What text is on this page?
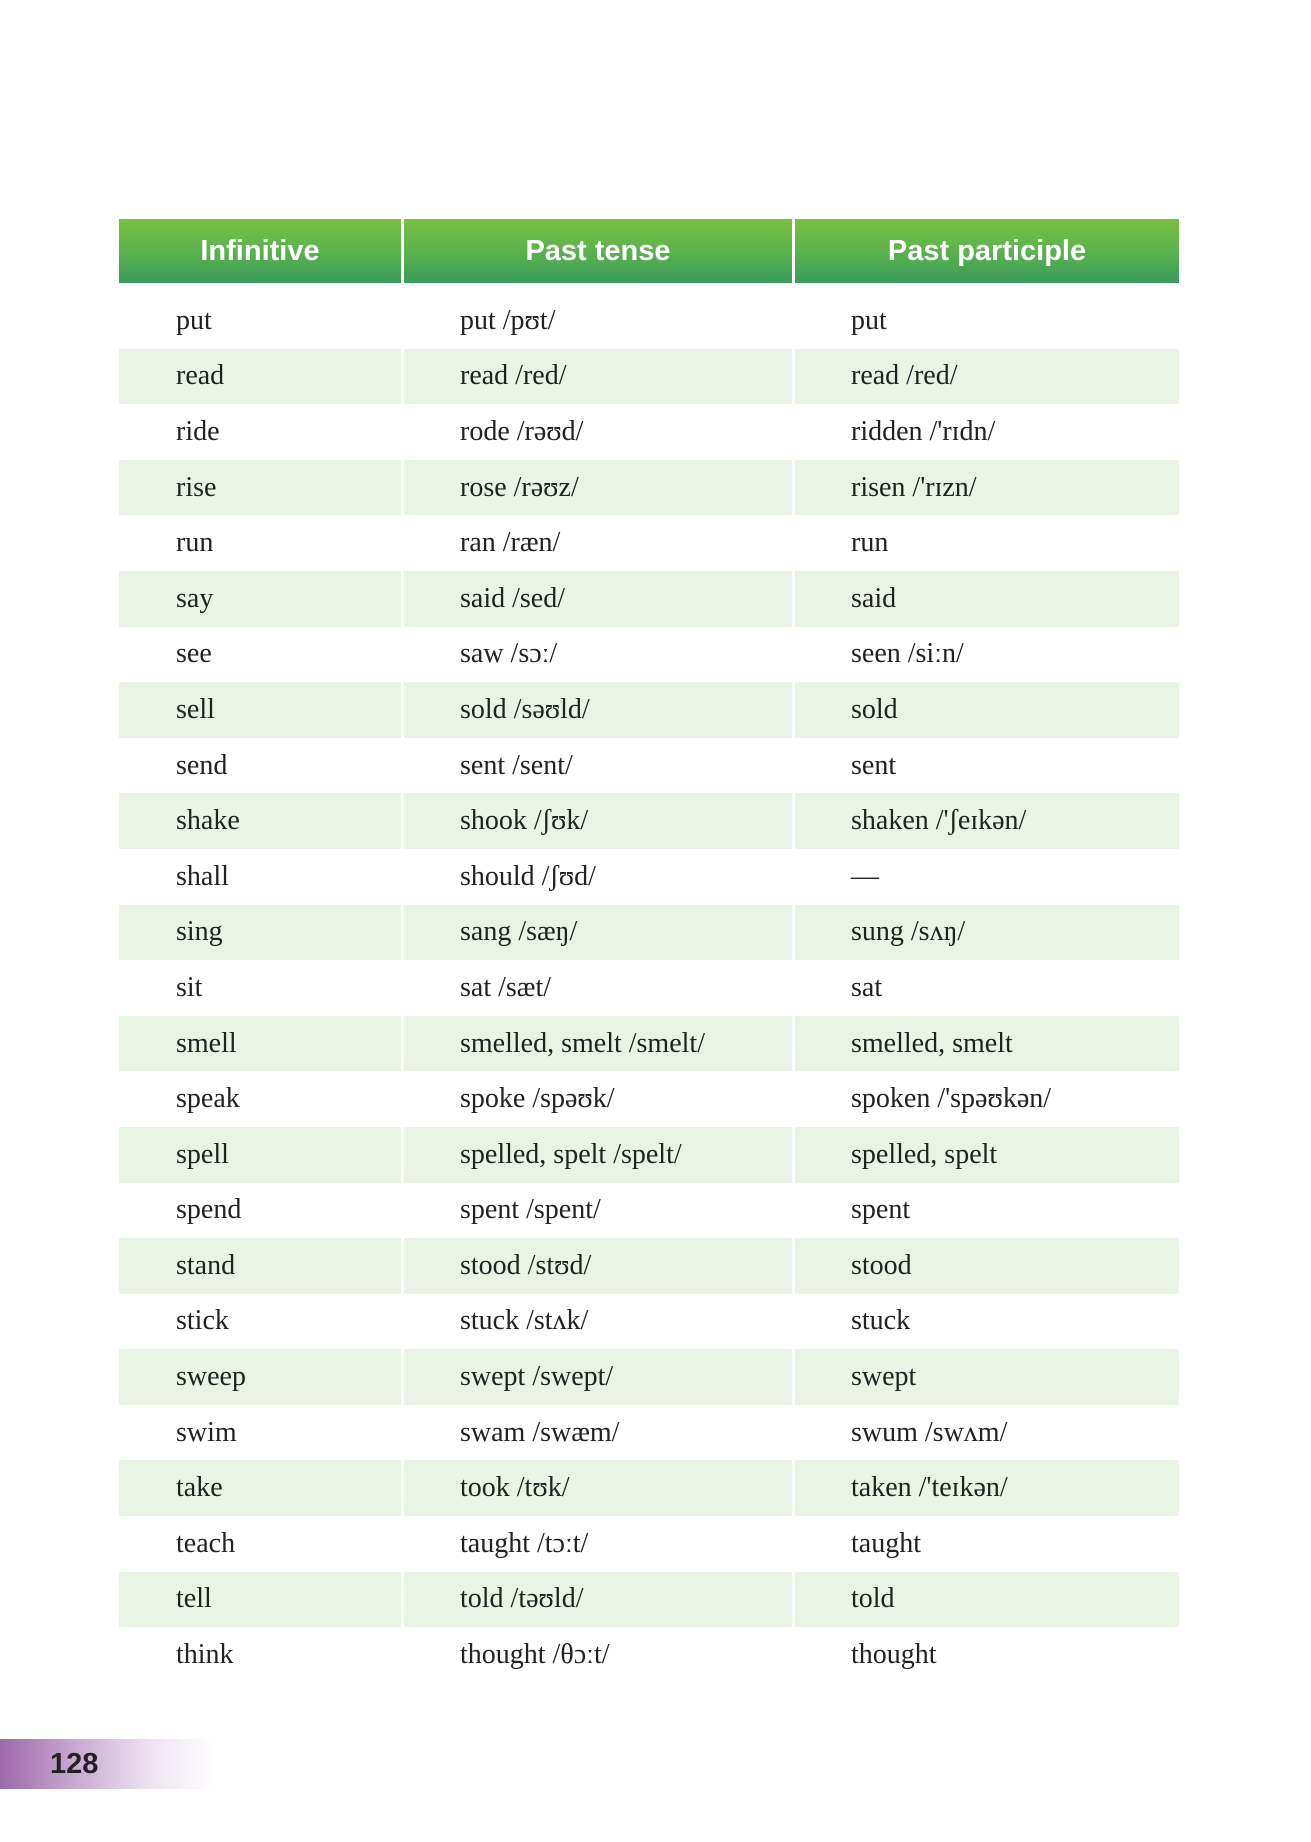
Infinitive	Past tense	Past participle
put	put /pʊt/	put
read	read /red/	read /red/
ride	rode /rəʊd/	ridden /'rɪdn/
rise	rose /rəʊz/	risen /'rɪzn/
run	ran /ræn/	run
say	said /sed/	said
see	saw /sɔː/	seen /siːn/
sell	sold /səʊld/	sold
send	sent /sent/	sent
shake	shook /ʃʊk/	shaken /'ʃeɪkən/
shall	should /ʃʊd/	—
sing	sang /sæŋ/	sung /sʌŋ/
sit	sat /sæt/	sat
smell	smelled, smelt /smelt/	smelled, smelt
speak	spoke /spəʊk/	spoken /'spəʊkən/
spell	spelled, spelt /spelt/	spelled, spelt
spend	spent /spent/	spent
stand	stood /stʊd/	stood
stick	stuck /stʌk/	stuck
sweep	swept /swept/	swept
swim	swam /swæm/	swum /swʌm/
take	took /tʊk/	taken /'teɪkən/
teach	taught /tɔːt/	taught
tell	told /təʊld/	told
think	thought /θɔːt/	thought
128
